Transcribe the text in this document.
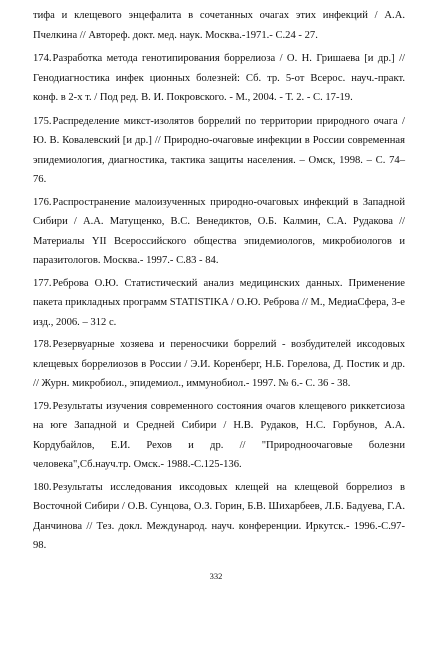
тифа и клещевого энцефалита в сочетанных очагах этих инфекций / А.А. Пчелкина // Автореф. докт. мед. наук. Москва.-1971.- С.24 - 27.

174.Разработка метода генотипирования боррелиоза / О. Н. Гришаева [и др.] // Генодиагностика инфек ционных болезней: Сб. тр. 5-от Всерос. науч.-практ. конф. в 2-х т. / Под ред. В. И. Покровского. - М., 2004. - Т. 2. - С. 17-19.

175.Распределение микст-изолятов боррелий по территории природного очага / Ю. В. Ковалевский [и др.] // Природно-очаговые инфекции в России современная эпидемиология, диагностика, тактика защиты населения. – Омск, 1998. – С. 74–76.

176.Распространение малоизученных природно-очаговых инфекций в Западной Сибири / А.А. Матущенко, В.С. Венедиктов, О.Б. Калмин, С.А. Рудакова // Материалы YII Всероссийского общества эпидемиологов, микробиологов и паразитологов. Москва.- 1997.- С.83 - 84.

177.Реброва О.Ю. Статистический анализ медицинских данных. Применение пакета прикладных программ STATISTIKA / О.Ю. Реброва // М., МедиаСфера, 3-е изд., 2006. – 312 с.

178.Резервуарные хозяева и переносчики боррелий - возбудителей иксодовых клещевых боррелиозов в России / Э.И. Коренберг, Н.Б. Горелова, Д. Постик и др. // Журн. микробиол., эпидемиол., иммунобиол.- 1997. № 6.- С. 36 - 38.

179.Результаты изучения современного состояния очагов клещевого риккетсиоза на юге Западной и Средней Сибири / Н.В. Рудаков, Н.С. Горбунов, А.А. Кордубайлов, Е.И. Рехов и др. // "Природноочаговые болезни человека",Сб.науч.тр. Омск.- 1988.-С.125-136.

180.Результаты исследования иксодовых клещей на клещевой боррелиоз в Восточной Сибири / О.В. Сунцова, О.З. Горин, Б.В. Шихарбеев, Л.Б. Бадуева, Г.А. Данчинова // Тез. докл. Международ. науч. конференции. Иркутск.- 1996.-С.97-98.

332
